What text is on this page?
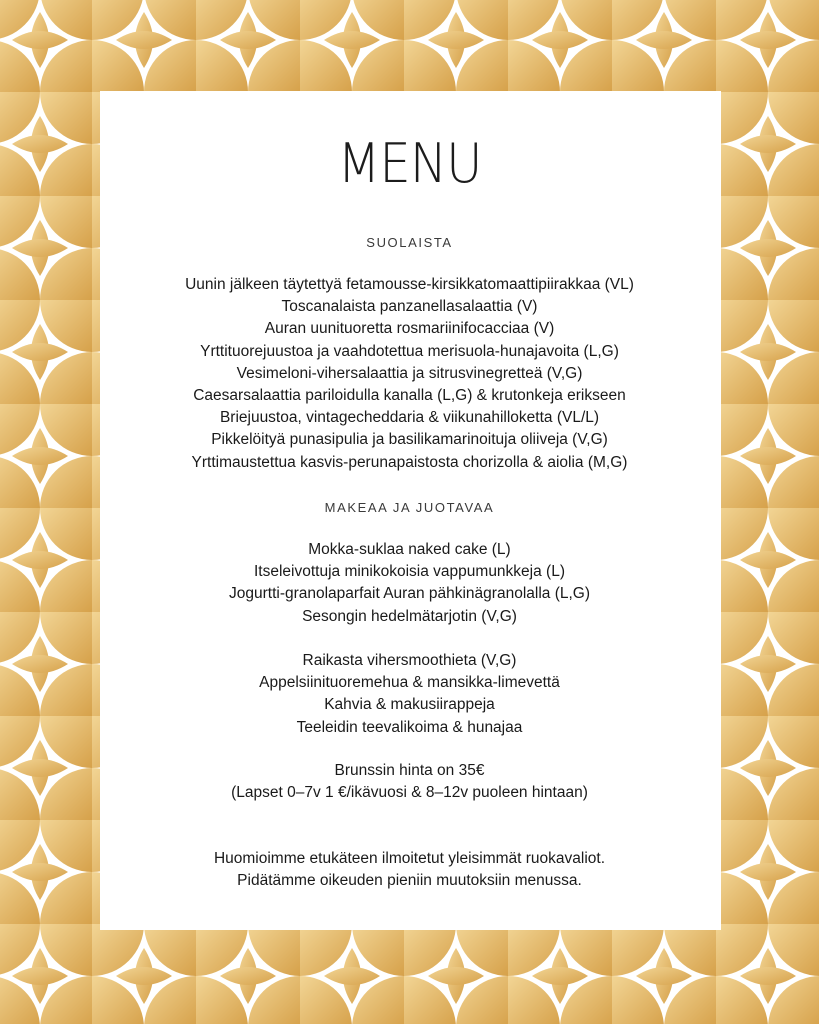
MENU
SUOLAISTA
Uunin jälkeen täytettyä fetamousse-kirsikkatomaattipiirakkaa (VL)
Toscanalaista panzanellasalaattia (V)
Auran uunituoretta rosmariinifocacciaa (V)
Yrttituorejuustoa ja vaahdotettua merisuola-hunajavoita (L,G)
Vesimeloni-vihersalaattia ja sitrusvinegretteä (V,G)
Caesarsalaattia pariloidulla kanalla (L,G) & krutonkeja erikseen
Briejuustoa, vintagecheddaria & viikunahilloketta (VL/L)
Pikkelöityä punasipulia ja basilikamarinoituja oliiveja (V,G)
Yrttimaustettua kasvis-perunapaistosta chorizolla & aiolia (M,G)
MAKEAA JA JUOTAVAA
Mokka-suklaa naked cake (L)
Itseleivottuja minikokoisia vappumunkkeja (L)
Jogurtti-granolaparfait Auran pähkinägranolalla (L,G)
Sesongin hedelmätarjotin (V,G)
Raikasta vihersmoothieta (V,G)
Appelsiinituoremehua & mansikka-limevettä
Kahvia & makusiirappeja
Teeleidin teevalikoima & hunajaa
Brunssin hinta on 35€
(Lapset 0–7v 1 €/ikävuosi & 8–12v puoleen hintaan)
Huomioimme etukäteen ilmoitetut yleisimmät ruokavaliot.
Pidätämme oikeuden pieniin muutoksiin menussa.
